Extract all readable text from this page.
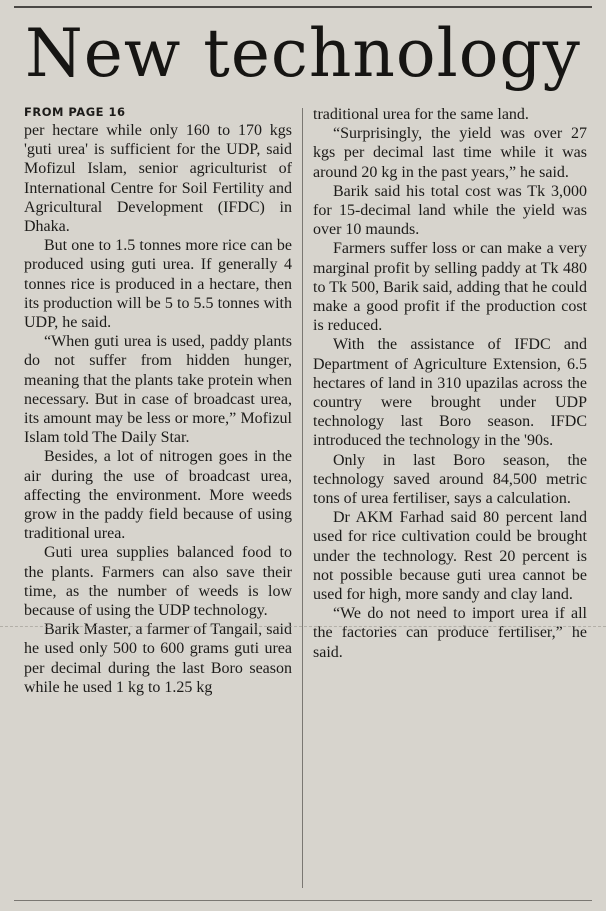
New technology
FROM PAGE 16

per hectare while only 160 to 170 kgs 'guti urea' is sufficient for the UDP, said Mofizul Islam, senior agriculturist of International Centre for Soil Fertility and Agricultural Development (IFDC) in Dhaka.

But one to 1.5 tonnes more rice can be produced using guti urea. If generally 4 tonnes rice is produced in a hectare, then its production will be 5 to 5.5 tonnes with UDP, he said.

“When guti urea is used, paddy plants do not suffer from hidden hunger, meaning that the plants take protein when necessary. But in case of broadcast urea, its amount may be less or more,” Mofizul Islam told The Daily Star.

Besides, a lot of nitrogen goes in the air during the use of broadcast urea, affecting the environment. More weeds grow in the paddy field because of using traditional urea.

Guti urea supplies balanced food to the plants. Farmers can also save their time, as the number of weeds is low because of using the UDP technology.

Barik Master, a farmer of Tangail, said he used only 500 to 600 grams guti urea per decimal during the last Boro season while he used 1 kg to 1.25 kg

traditional urea for the same land.

“Surprisingly, the yield was over 27 kgs per decimal last time while it was around 20 kg in the past years,” he said.

Barik said his total cost was Tk 3,000 for 15-decimal land while the yield was over 10 maunds.

Farmers suffer loss or can make a very marginal profit by selling paddy at Tk 480 to Tk 500, Barik said, adding that he could make a good profit if the production cost is reduced.

With the assistance of IFDC and Department of Agriculture Extension, 6.5 hectares of land in 310 upazilas across the country were brought under UDP technology last Boro season. IFDC introduced the technology in the '90s.

Only in last Boro season, the technology saved around 84,500 metric tons of urea fertiliser, says a calculation.

Dr AKM Farhad said 80 percent land used for rice cultivation could be brought under the technology. Rest 20 percent is not possible because guti urea cannot be used for high, more sandy and clay land.

“We do not need to import urea if all the factories can produce fertiliser,” he said.
